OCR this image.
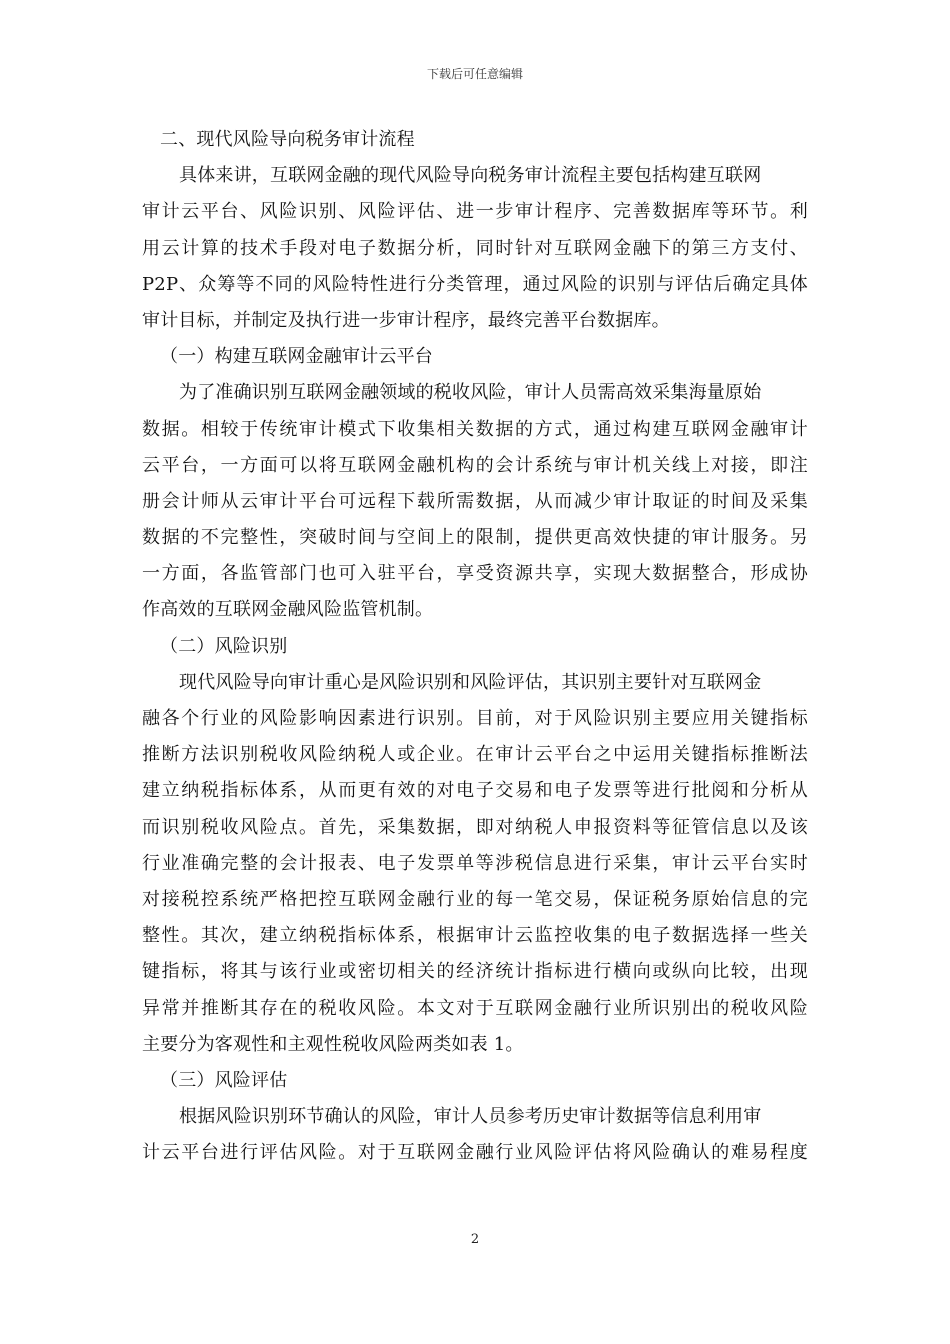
下载后可任意编辑
二、现代风险导向税务审计流程
具体来讲，互联网金融的现代风险导向税务审计流程主要包括构建互联网
审计云平台、风险识别、风险评估、进一步审计程序、完善数据库等环节。利
用云计算的技术手段对电子数据分析，同时针对互联网金融下的第三方支付、
P2P、众筹等不同的风险特性进行分类管理，通过风险的识别与评估后确定具体
审计目标，并制定及执行进一步审计程序，最终完善平台数据库。
（一）构建互联网金融审计云平台
为了准确识别互联网金融领域的税收风险，审计人员需高效采集海量原始
数据。相较于传统审计模式下收集相关数据的方式，通过构建互联网金融审计
云平台，一方面可以将互联网金融机构的会计系统与审计机关线上对接，即注
册会计师从云审计平台可远程下载所需数据，从而减少审计取证的时间及采集
数据的不完整性，突破时间与空间上的限制，提供更高效快捷的审计服务。另
一方面，各监管部门也可入驻平台，享受资源共享，实现大数据整合，形成协
作高效的互联网金融风险监管机制。
（二）风险识别
现代风险导向审计重心是风险识别和风险评估，其识别主要针对互联网金
融各个行业的风险影响因素进行识别。目前，对于风险识别主要应用关键指标
推断方法识别税收风险纳税人或企业。在审计云平台之中运用关键指标推断法
建立纳税指标体系，从而更有效的对电子交易和电子发票等进行批阅和分析从
而识别税收风险点。首先，采集数据，即对纳税人申报资料等征管信息以及该
行业准确完整的会计报表、电子发票单等涉税信息进行采集，审计云平台实时
对接税控系统严格把控互联网金融行业的每一笔交易，保证税务原始信息的完
整性。其次，建立纳税指标体系，根据审计云监控收集的电子数据选择一些关
键指标，将其与该行业或密切相关的经济统计指标进行横向或纵向比较，出现
异常并推断其存在的税收风险。本文对于互联网金融行业所识别出的税收风险
主要分为客观性和主观性税收风险两类如表 1。
（三）风险评估
根据风险识别环节确认的风险，审计人员参考历史审计数据等信息利用审
计云平台进行评估风险。对于互联网金融行业风险评估将风险确认的难易程度
2
